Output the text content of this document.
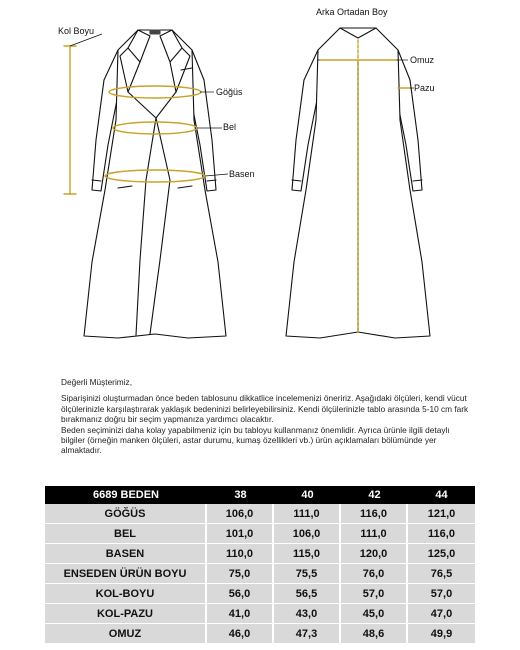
Kol Boyu
Göğüs
Bel
Basen
Arka Ortadan Boy
Omuz
Pazu

Değerli Müşterimiz,

Siparişinizi oluşturmadan önce beden tablosunu dikkatlice incelemenizi öneririz. Aşağıdaki ölçüleri, kendi vücut ölçülerinizle karşılaştırarak yaklaşık bedeninizi belirleyebilirsiniz. Kendi ölçülerinizle tablo arasında 5-10 cm fark bırakmanız doğru bir seçim yapmanıza yardımcı olacaktır.

Beden seçiminizi daha kolay yapabilmeniz için bu tabloyu kullanmanız önemlidir. Ayrıca ürünle ilgili detaylı bilgiler (örneğin manken ölçüleri, astar durumu, kumaş özellikleri vb.) ürün açıklamaları bölümünde yer almaktadır.

6689 BEDEN	38	40	42	44
GÖĞÜS	106,0	111,0	116,0	121,0
BEL	101,0	106,0	111,0	116,0
BASEN	110,0	115,0	120,0	125,0
ENSEDEN ÜRÜN BOYU	75,0	75,5	76,0	76,5
KOL-BOYU	56,0	56,5	57,0	57,0
KOL-PAZU	41,0	43,0	45,0	47,0
OMUZ	46,0	47,3	48,6	49,9
